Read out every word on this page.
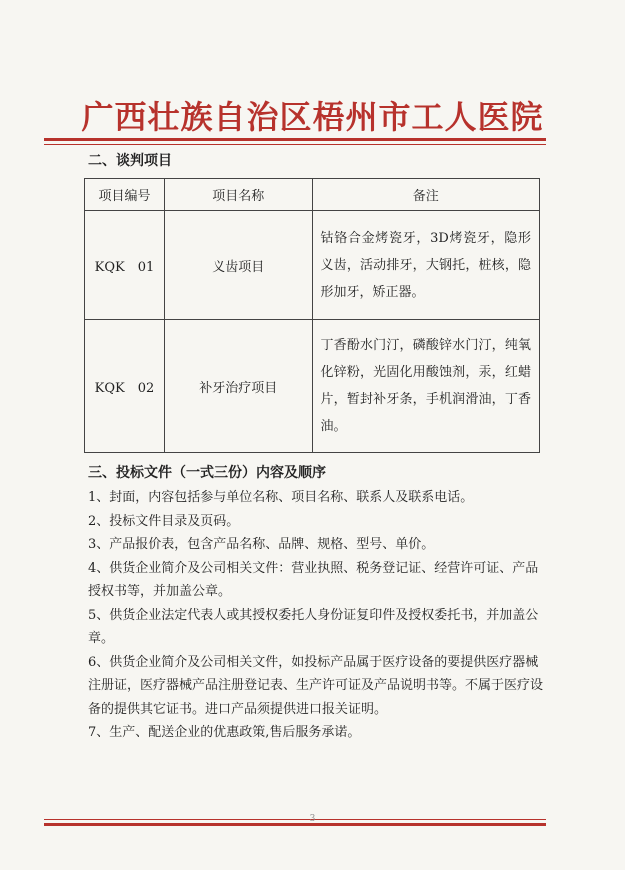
广西壮族自治区梧州市工人医院
二、谈判项目
项目编号	项目名称	备注
KQK　01	义齿项目	钴铬合金烤瓷牙，3D烤瓷牙，隐形义齿，活动排牙，大钢托，桩核，隐形加牙，矫正器。
KQK　02	补牙治疗项目	丁香酚水门汀，磷酸锌水门汀，纯氧化锌粉，光固化用酸蚀剂，汞，红蜡片，暂封补牙条，手机润滑油，丁香油。
三、投标文件（一式三份）内容及顺序

1、封面，内容包括参与单位名称、项目名称、联系人及联系电话。

2、投标文件目录及页码。

3、产品报价表，包含产品名称、品牌、规格、型号、单价。

4、供货企业简介及公司相关文件：营业执照、税务登记证、经营许可证、产品授权书等，并加盖公章。

5、供货企业法定代表人或其授权委托人身份证复印件及授权委托书，并加盖公章。

6、供货企业简介及公司相关文件，如投标产品属于医疗设备的要提供医疗器械注册证，医疗器械产品注册登记表、生产许可证及产品说明书等。不属于医疗设备的提供其它证书。进口产品须提供进口报关证明。

7、生产、配送企业的优惠政策,售后服务承诺。

3
